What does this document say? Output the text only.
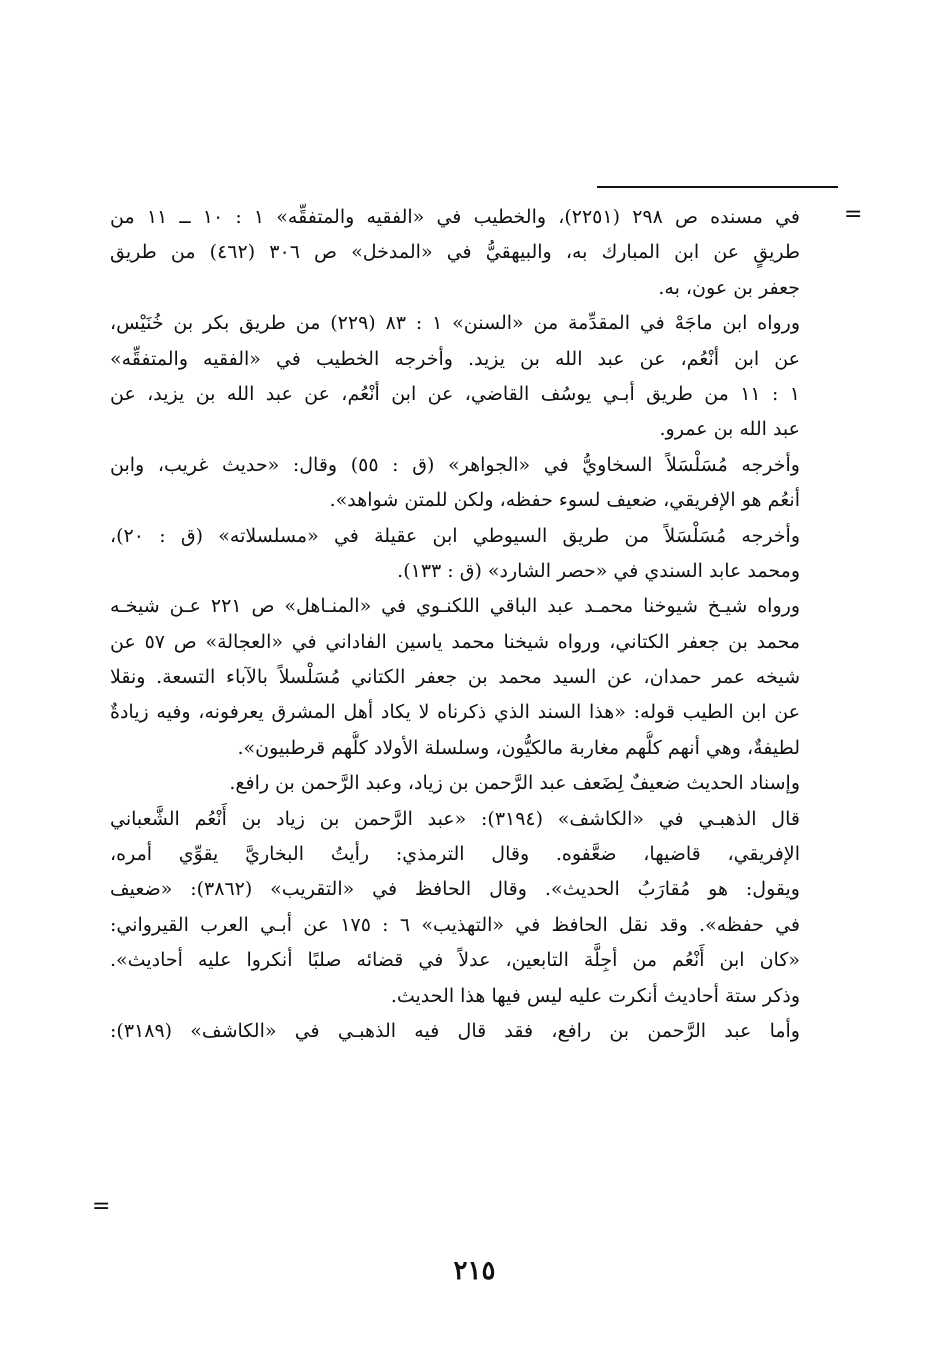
=
في مسنده ص ٢٩٨ (٢٢٥١)، والخطيب في «الفقيه والمتفقِّه» ١ : ١٠ ــ ١١ من
طريقٍ عن ابن المبارك به، والبيهقيُّ في «المدخل» ص ٣٠٦ (٤٦٢) من طريق
جعفر بن عون، به.
ورواه ابن ماجَهْ في المقدِّمة من «السنن» ١ : ٨٣ (٢٢٩) من طريق بكر بن خُنَيْس،
عن ابن أنْعُم، عن عبد الله بن يزيد. وأخرجه الخطيب في «الفقيه والمتفقِّه»
١ : ١١ من طريق أبـي يوسُف القاضي، عن ابن أنْعُم، عن عبد الله بن يزيد، عن
عبد الله بن عمرو.
وأخرجه مُسَلْسَلاً السخاويُّ في «الجواهر» (ق : ٥٥) وقال: «حديث غريب، وابن
أنعُم هو الإفريقي، ضعيف لسوء حفظه، ولكن للمتن شواهد».
وأخرجه مُسَلْسَلاً من طريق السيوطي ابن عقيلة في «مسلسلاته» (ق : ٢٠)،
ومحمد عابد السندي في «حصر الشارد» (ق : ١٣٣).
ورواه شيـخ شيوخنا محمـد عبد الباقي اللكنـوي في «المنـاهل» ص ٢٢١ عـن شيخـه
محمد بن جعفر الكتاني، ورواه شيخنا محمد ياسين الفاداني في «العجالة» ص ٥٧ عن
شيخه عمر حمدان، عن السيد محمد بن جعفر الكتاني مُسَلْسلاً بالآباء التسعة. ونقلا
عن ابن الطيب قوله: «هذا السند الذي ذكرناه لا يكاد أهل المشرق يعرفونه، وفيه زيادةٌ
لطيفةٌ، وهي أنهم كلُّهم مغاربة مالكيُّون، وسلسلة الأولاد كلُّهم قرطبيون».
وإسناد الحديث ضعيفٌ لِضَعف عبد الرَّحمن بن زياد، وعبد الرَّحمن بن رافع.
قال الذهبـي في «الكاشف» (٣١٩٤): «عبد الرَّحمن بن زياد بن أَنْعُم الشَّعباني
الإفريقي، قاضيها، ضعَّفوه. وقال الترمذي: رأيتُ البخاريَّ يقوِّي أمره،
ويقول: هو مُقارَبُ الحديث». وقال الحافظ في «التقريب» (٣٨٦٢): «ضعيف
في حفظه». وقد نقل الحافظ في «التهذيب» ٦ : ١٧٥ عن أبـي العرب القيرواني:
«كان ابن أَنْعُم من أجِلَّة التابعين، عدلاً في قضائه صلبًا أنكروا عليه أحاديث».
وذكر ستة أحاديث أنكرت عليه ليس فيها هذا الحديث.
وأما عبد الرَّحمن بن رافع، فقد قال فيه الذهبـي في «الكاشف» (٣١٨٩):
=
٢١٥
